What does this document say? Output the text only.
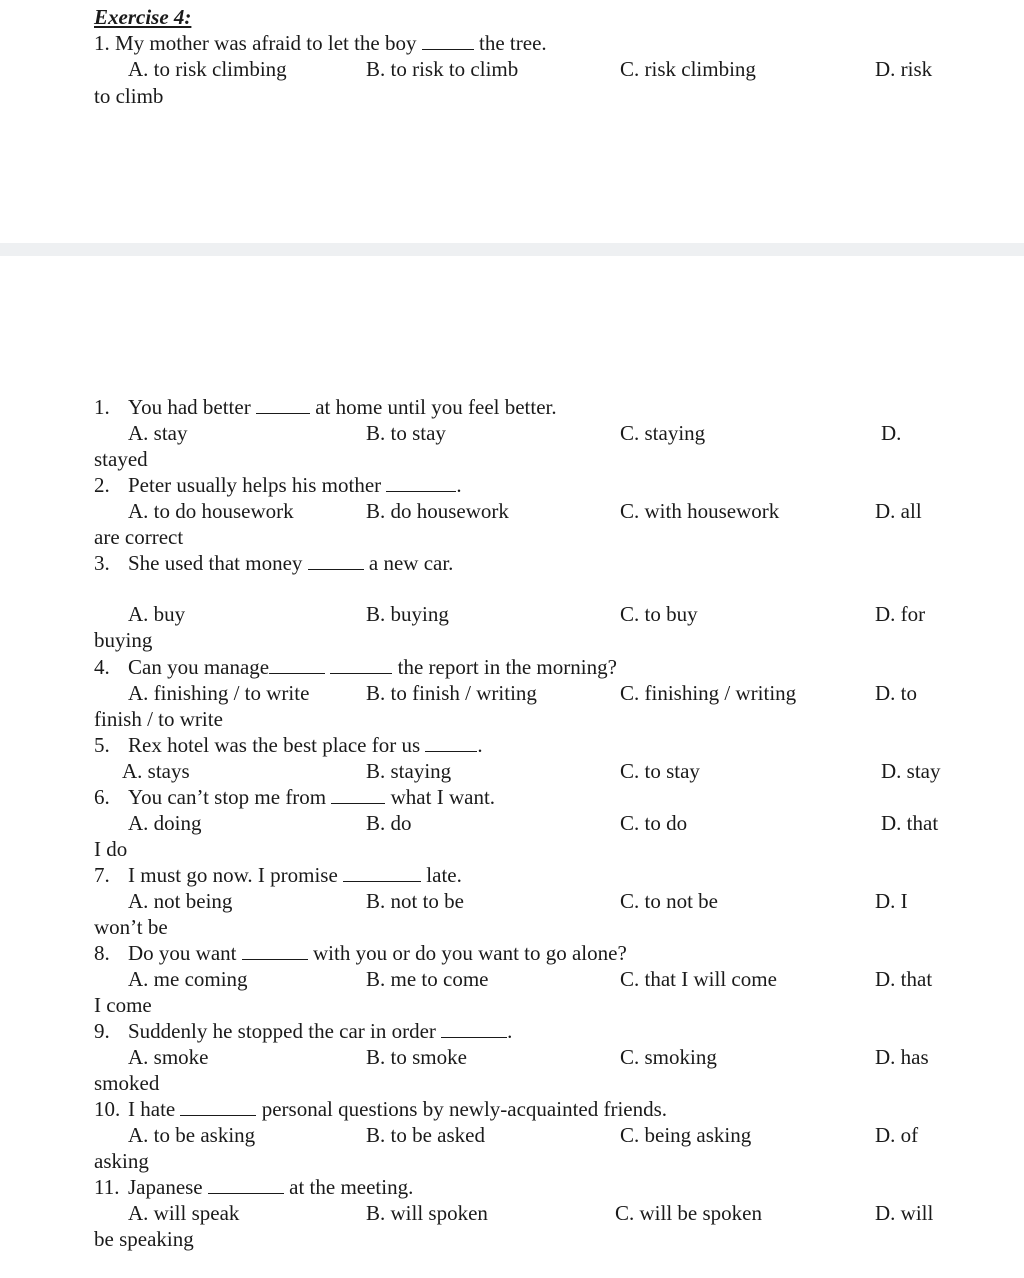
Exercise 4:
1. My mother was afraid to let the boy	the tree.
A. to risk climbing	B. to risk to climb	C. risk climbing	D. risk
to climb
1. You had better	at home until you feel better.
A. stay	B. to stay	C. staying	D.
stayed
2. Peter usually helps his mother	.
A. to do housework	B. do housework	C. with housework	D. all
are correct
3. She used that money	a new car.
A. buy	B. buying	C. to buy	D. for
buying
4. Can you manage	the report in the morning?
A. finishing / to write	B. to finish / writing	C. finishing / writing	D. to
finish / to write
5. Rex hotel was the best place for us	.
A. stays	B. staying	C. to stay	D. stay
6. You can’t stop me from	what I want.
A. doing	B. do	C. to do	D. that
I do
7. I must go now. I promise	late.
A. not being	B. not to be	C. to not be	D. I
won’t be
8. Do you want	with you or do you want to go alone?
A. me coming	B. me to come	C. that I will come	D. that
I come
9. Suddenly he stopped the car in order	.
A. smoke	B. to smoke	C. smoking	D. has
smoked
10. I hate	personal questions by newly-acquainted friends.
A. to be asking	B. to be asked	C. being asking	D. of
asking
11. Japanese	at the meeting.
A. will speak	B. will spoken	C. will be spoken	D. will
be speaking
